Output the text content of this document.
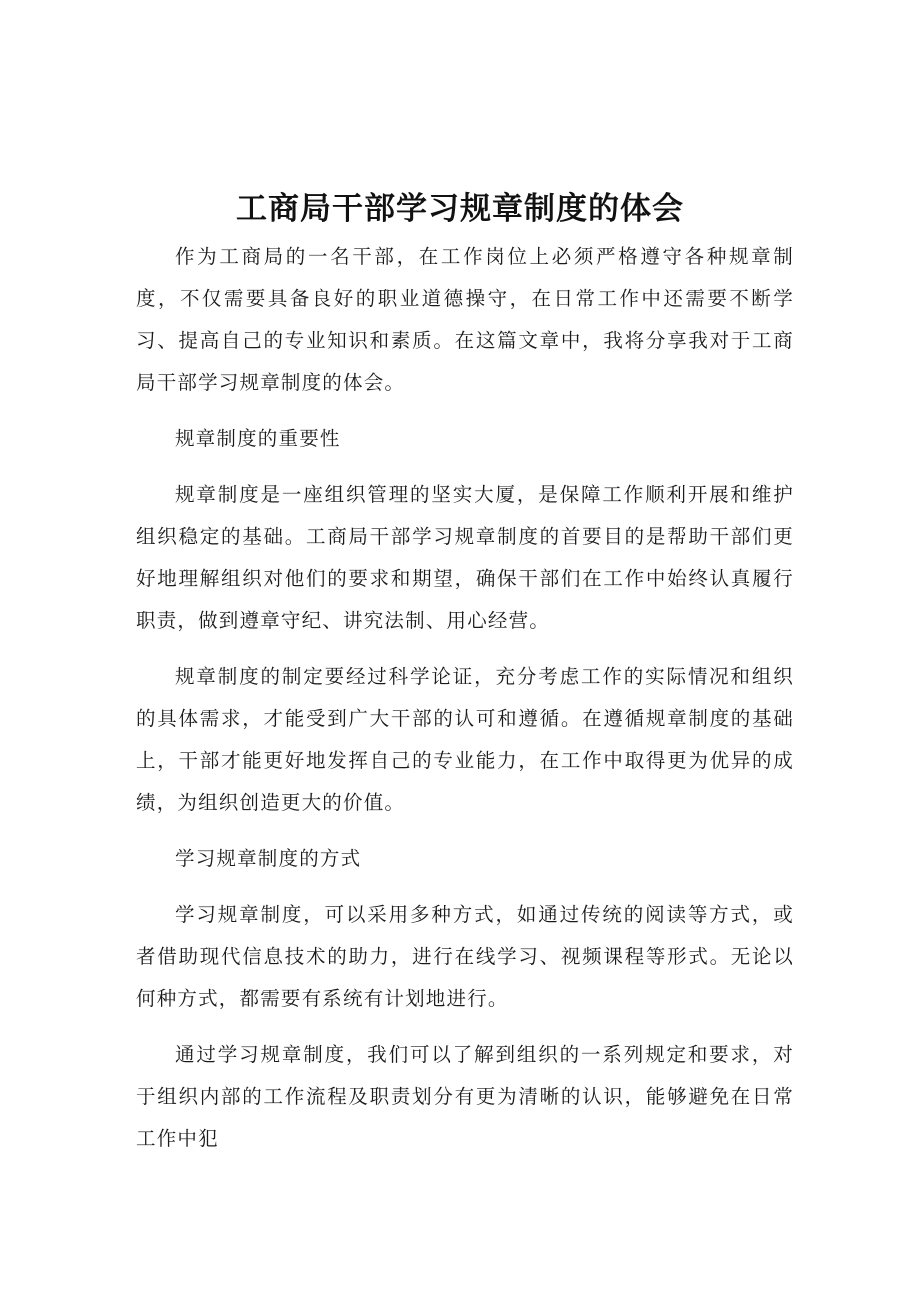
工商局干部学习规章制度的体会

作为工商局的一名干部，在工作岗位上必须严格遵守各种规章制度，不仅需要具备良好的职业道德操守，在日常工作中还需要不断学习、提高自己的专业知识和素质。在这篇文章中，我将分享我对于工商局干部学习规章制度的体会。

规章制度的重要性

规章制度是一座组织管理的坚实大厦，是保障工作顺利开展和维护组织稳定的基础。工商局干部学习规章制度的首要目的是帮助干部们更好地理解组织对他们的要求和期望，确保干部们在工作中始终认真履行职责，做到遵章守纪、讲究法制、用心经营。

规章制度的制定要经过科学论证，充分考虑工作的实际情况和组织的具体需求，才能受到广大干部的认可和遵循。在遵循规章制度的基础上，干部才能更好地发挥自己的专业能力，在工作中取得更为优异的成绩，为组织创造更大的价值。

学习规章制度的方式

学习规章制度，可以采用多种方式，如通过传统的阅读等方式，或者借助现代信息技术的助力，进行在线学习、视频课程等形式。无论以何种方式，都需要有系统有计划地进行。

通过学习规章制度，我们可以了解到组织的一系列规定和要求，对于组织内部的工作流程及职责划分有更为清晰的认识，能够避免在日常工作中犯
